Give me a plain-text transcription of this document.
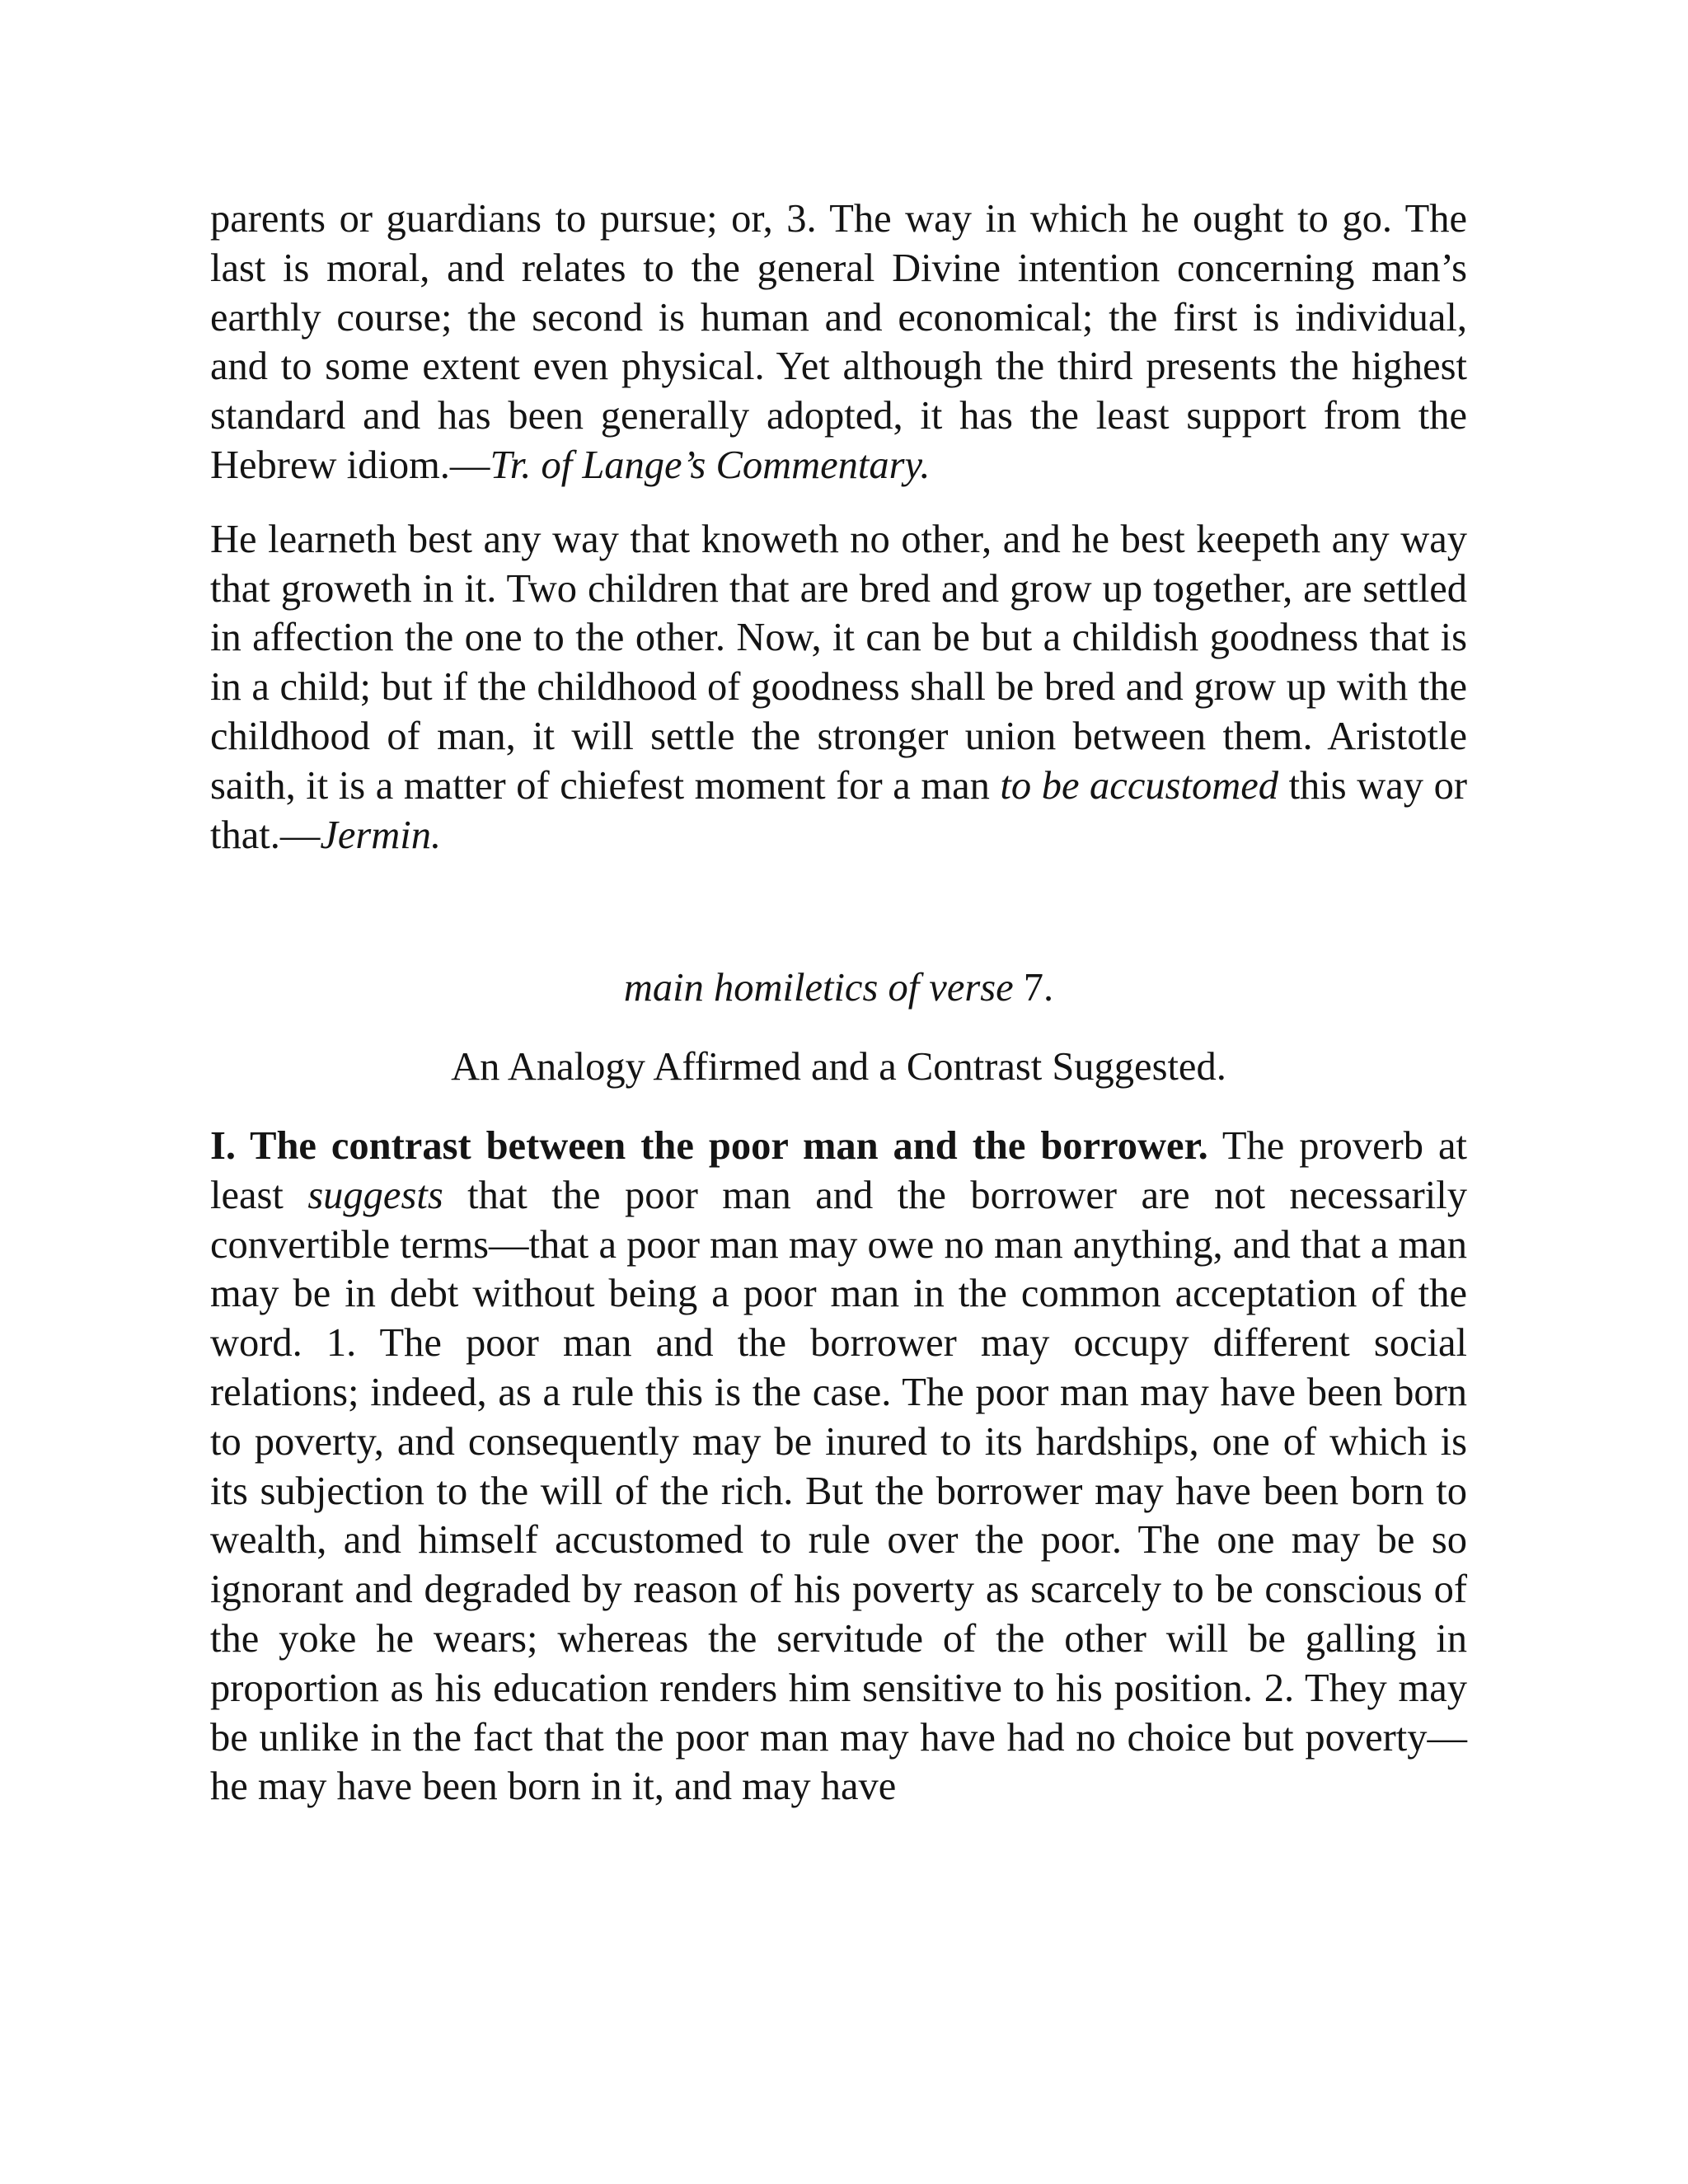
parents or guardians to pursue; or, 3. The way in which he ought to go. The last is moral, and relates to the general Divine intention concerning man’s earthly course; the second is human and economical; the first is individual, and to some extent even physical. Yet although the third presents the highest standard and has been generally adopted, it has the least support from the Hebrew idiom.—Tr. of Lange’s Commentary.

He learneth best any way that knoweth no other, and he best keepeth any way that groweth in it. Two children that are bred and grow up together, are settled in affection the one to the other. Now, it can be but a childish goodness that is in a child; but if the childhood of goodness shall be bred and grow up with the childhood of man, it will settle the stronger union between them. Aristotle saith, it is a matter of chiefest moment for a man to be accustomed this way or that.—Jermin.

main homiletics of verse 7.

An Analogy Affirmed and a Contrast Suggested.

I. The contrast between the poor man and the borrower. The proverb at least suggests that the poor man and the borrower are not necessarily convertible terms—that a poor man may owe no man anything, and that a man may be in debt without being a poor man in the common acceptation of the word. 1. The poor man and the borrower may occupy different social relations; indeed, as a rule this is the case. The poor man may have been born to poverty, and consequently may be inured to its hardships, one of which is its subjection to the will of the rich. But the borrower may have been born to wealth, and himself accustomed to rule over the poor. The one may be so ignorant and degraded by reason of his poverty as scarcely to be conscious of the yoke he wears; whereas the servitude of the other will be galling in proportion as his education renders him sensitive to his position. 2. They may be unlike in the fact that the poor man may have had no choice but poverty—he may have been born in it, and may have
